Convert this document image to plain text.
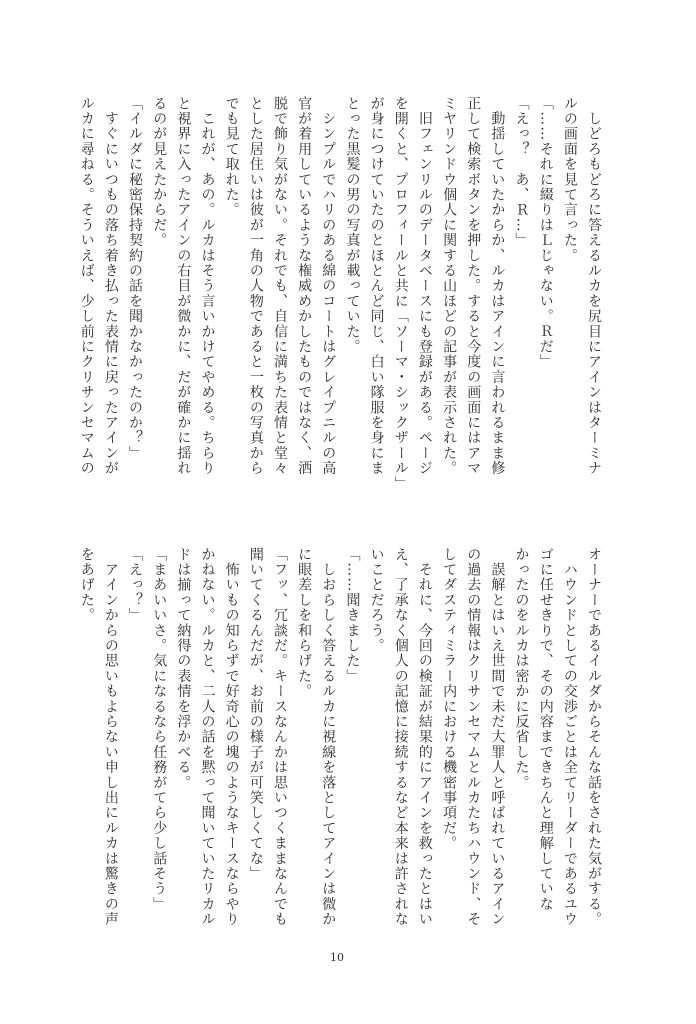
　しどろもどろに答えるルカを尻目にアインはターミナ
ルの画面を見て言った。
「……それに綴りはＬじゃない。Ｒだ」
「えっ？　あ、Ｒ…」
　動揺していたからか、ルカはアインに言われるまま修
正して検索ボタンを押した。すると今度の画面にはアマ
ミヤリンドウ個人に関する山ほどの記事が表示された。
　旧フェンリルのデータベースにも登録がある。ページ
を開くと、プロフィールと共に「ソーマ・シックザール」
が身につけていたのとほとんど同じ、白い隊服を身にま
とった黒髪の男の写真が載っていた。
　シンプルでハリのある綿のコートはグレイプニルの高
官が着用しているような権威めかしたものではなく、洒
脱で飾り気がない。それでも、自信に満ちた表情と堂々
とした居住いは彼が一角の人物であると一枚の写真から
でも見て取れた。
　これが、あの。ルカはそう言いかけてやめる。ちらり
と視界に入ったアインの右目が微かに、だが確かに揺れ
るのが見えたからだ。
「イルダに秘密保持契約の話を聞かなかったのか？」
　すぐにいつもの落ち着き払った表情に戻ったアインが
ルカに尋ねる。そういえば、少し前にクリサンセマムの
オーナーであるイルダからそんな話をされた気がする。
　ハウンドとしての交渉ごとは全てリーダーであるユウ
ゴに任せきりで、その内容まできちんと理解していな
かったのをルカは密かに反省した。
　誤解とはいえ世間で未だ大罪人と呼ばれているアイン
の過去の情報はクリサンセマムとルカたちハウンド、そ
してダスティミラー内における機密事項だ。
　それに、今回の検証が結果的にアインを救ったとはい
え、了承なく個人の記憶に接続するなど本来は許されな
いことだろう。
「……聞きました」
　しおらしく答えるルカに視線を落としてアインは微か
に眼差しを和らげた。
「フッ、冗談だ。キースなんかは思いつくままなんでも
聞いてくるんだが、お前の様子が可笑しくてな」
　怖いもの知らずで好奇心の塊のようなキースならやり
かねない。ルカと、二人の話を黙って聞いていたリカル
ドは揃って納得の表情を浮かべる。
「まあいいさ。気になるなら任務がてら少し話そう」
「えっ？」
　アインからの思いもよらない申し出にルカは驚きの声
をあげた。
10
